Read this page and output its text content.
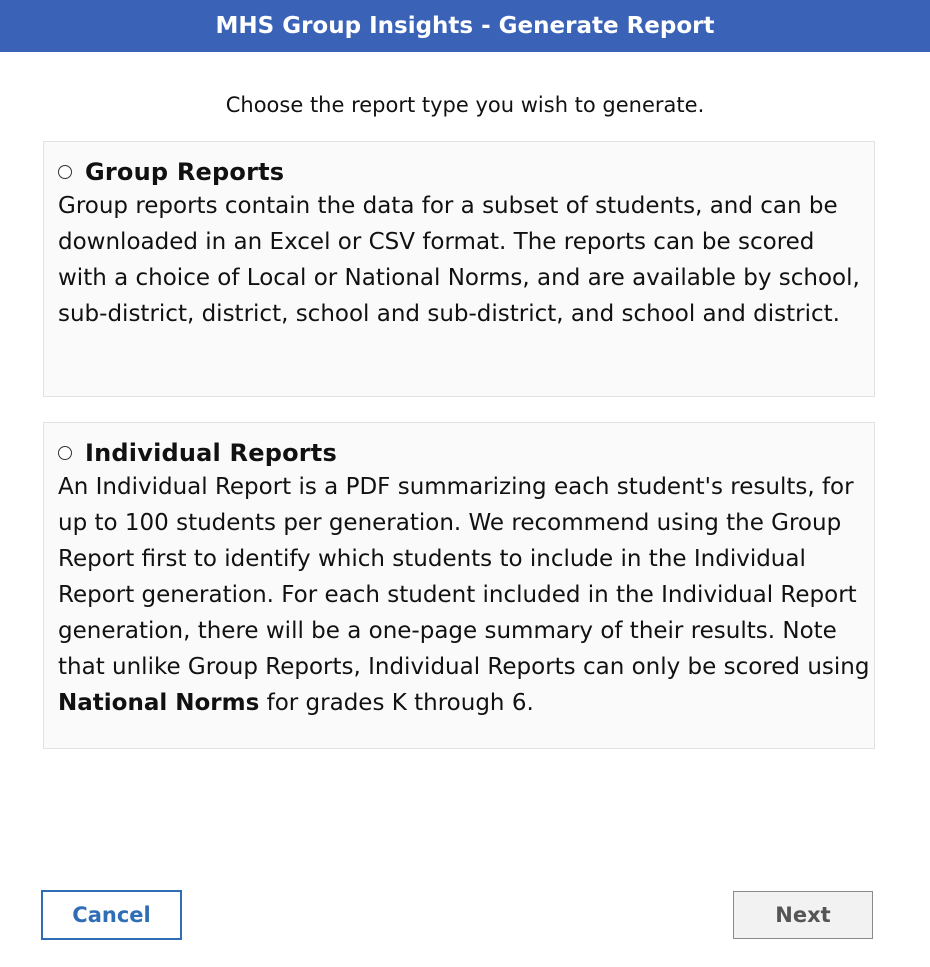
MHS Group Insights - Generate Report
Choose the report type you wish to generate.
Group Reports
Group reports contain the data for a subset of students, and can be downloaded in an Excel or CSV format. The reports can be scored with a choice of Local or National Norms, and are available by school, sub-district, district, school and sub-district, and school and district.
Individual Reports
An Individual Report is a PDF summarizing each student's results, for up to 100 students per generation. We recommend using the Group Report first to identify which students to include in the Individual Report generation. For each student included in the Individual Report generation, there will be a one-page summary of their results. Note that unlike Group Reports, Individual Reports can only be scored using National Norms for grades K through 6.
Cancel	Next
